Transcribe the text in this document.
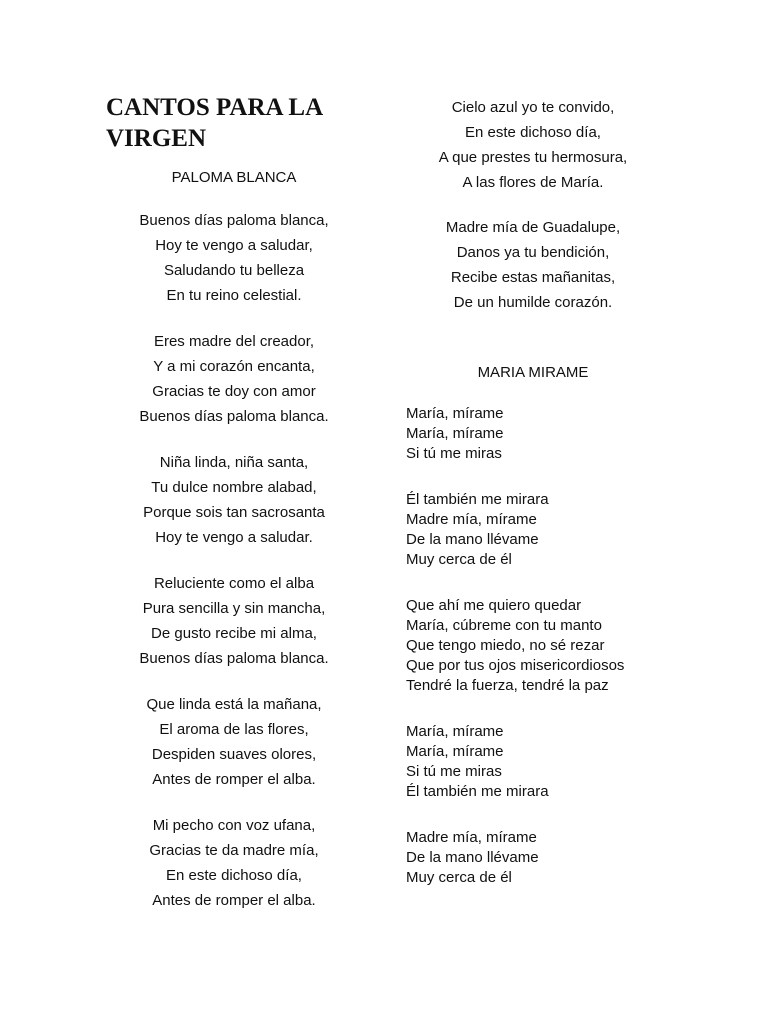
CANTOS PARA LA VIRGEN

PALOMA BLANCA

Buenos días paloma blanca,
Hoy te vengo a saludar,
Saludando tu belleza
En tu reino celestial.
Eres madre del creador,
Y a mi corazón encanta,
Gracias te doy con amor
Buenos días paloma blanca.
Niña linda, niña santa,
Tu dulce nombre alabad,
Porque sois tan sacrosanta
Hoy te vengo a saludar.
Reluciente como el alba
Pura sencilla y sin mancha,
De gusto recibe mi alma,
Buenos días paloma blanca.
Que linda está la mañana,
El aroma de las flores,
Despiden suaves olores,
Antes de romper el alba.
Mi pecho con voz ufana,
Gracias te da madre mía,
En este dichoso día,
Antes de romper el alba.
Cielo azul yo te convido,
En este dichoso día,
A que prestes tu hermosura,
A las flores de María.
Madre mía de Guadalupe,
Danos ya tu bendición,
Recibe estas mañanitas,
De un humilde corazón.

MARIA MIRAME

María, mírame
María, mírame
Si tú me miras
Él también me mirara
Madre mía, mírame
De la mano llévame
Muy cerca de él
Que ahí me quiero quedar
María, cúbreme con tu manto
Que tengo miedo, no sé rezar
Que por tus ojos misericordiosos
Tendré la fuerza, tendré la paz
María, mírame
María, mírame
Si tú me miras
Él también me mirara
Madre mía, mírame
De la mano llévame
Muy cerca de él
